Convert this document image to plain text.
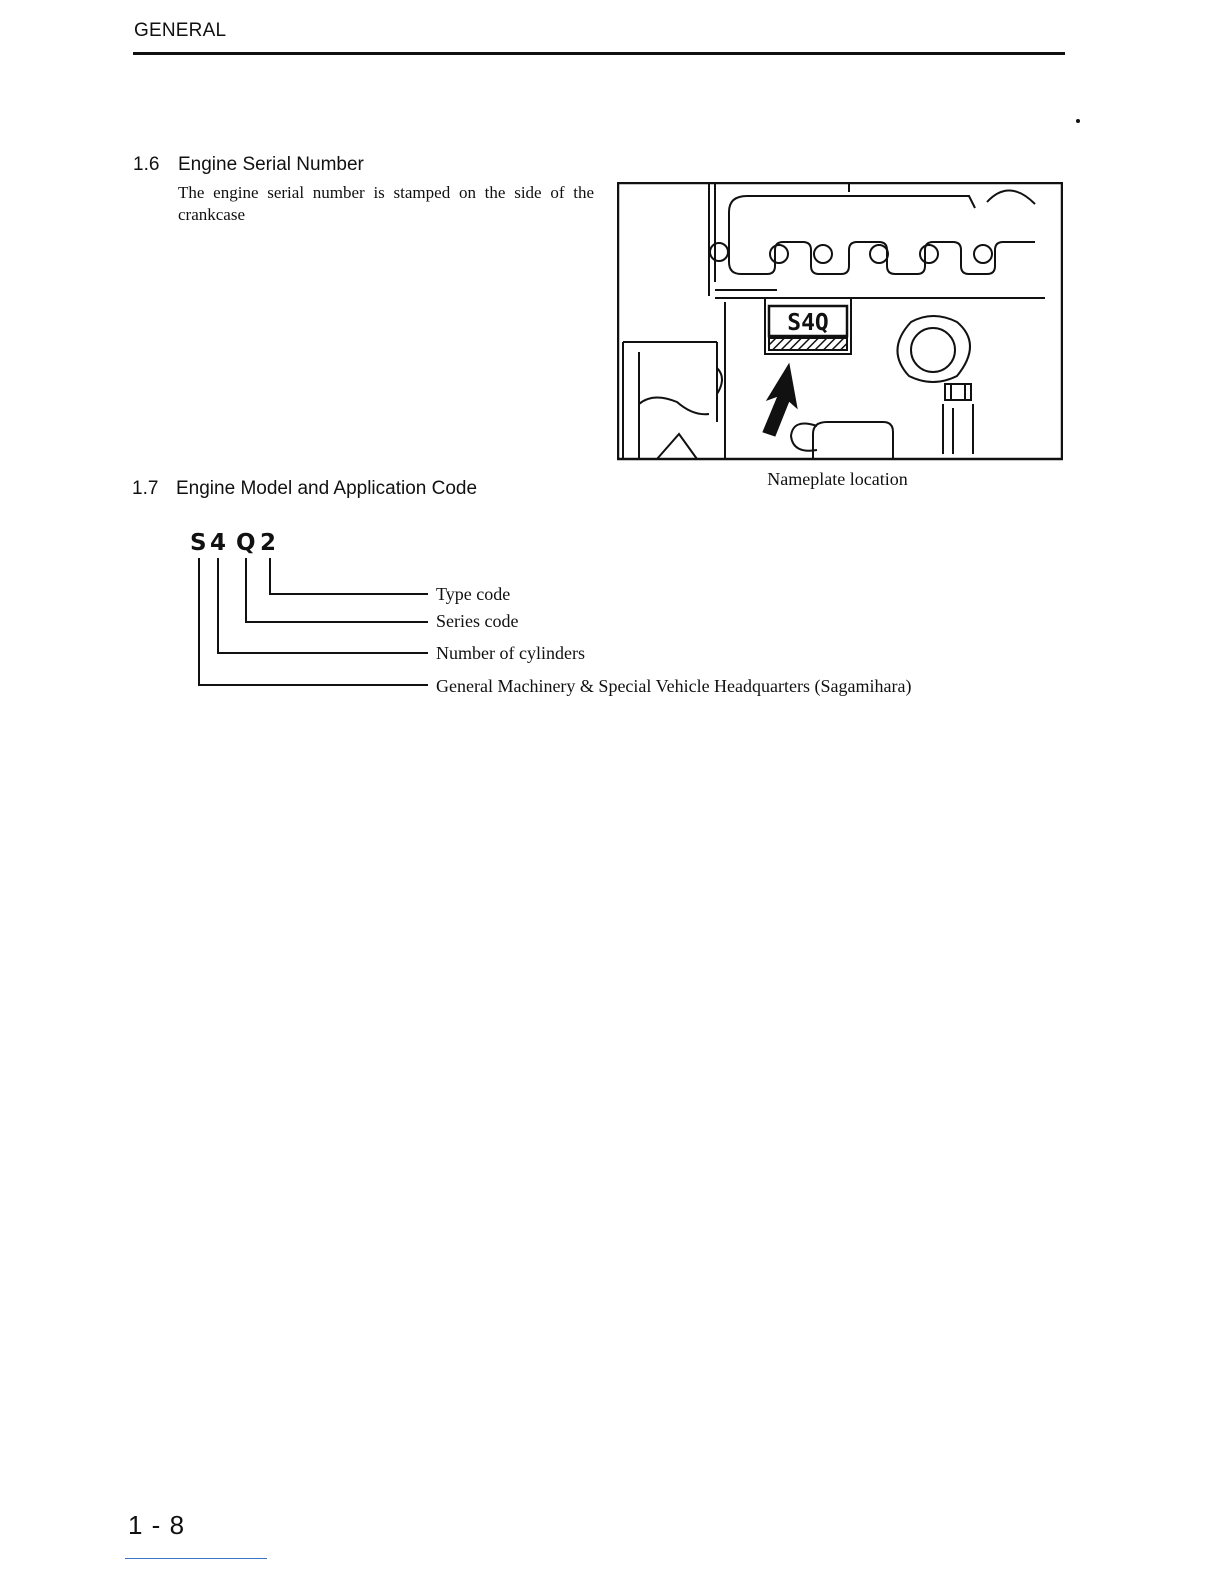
GENERAL
1.6 Engine Serial Number
The engine serial number is stamped on the side of the crankcase
S4Q
Nameplate location
1.7 Engine Model and Application Code
S 4 Q 2
Type code
Series code
Number of cylinders
General Machinery & Special Vehicle Headquarters (Sagamihara)
1 - 8
